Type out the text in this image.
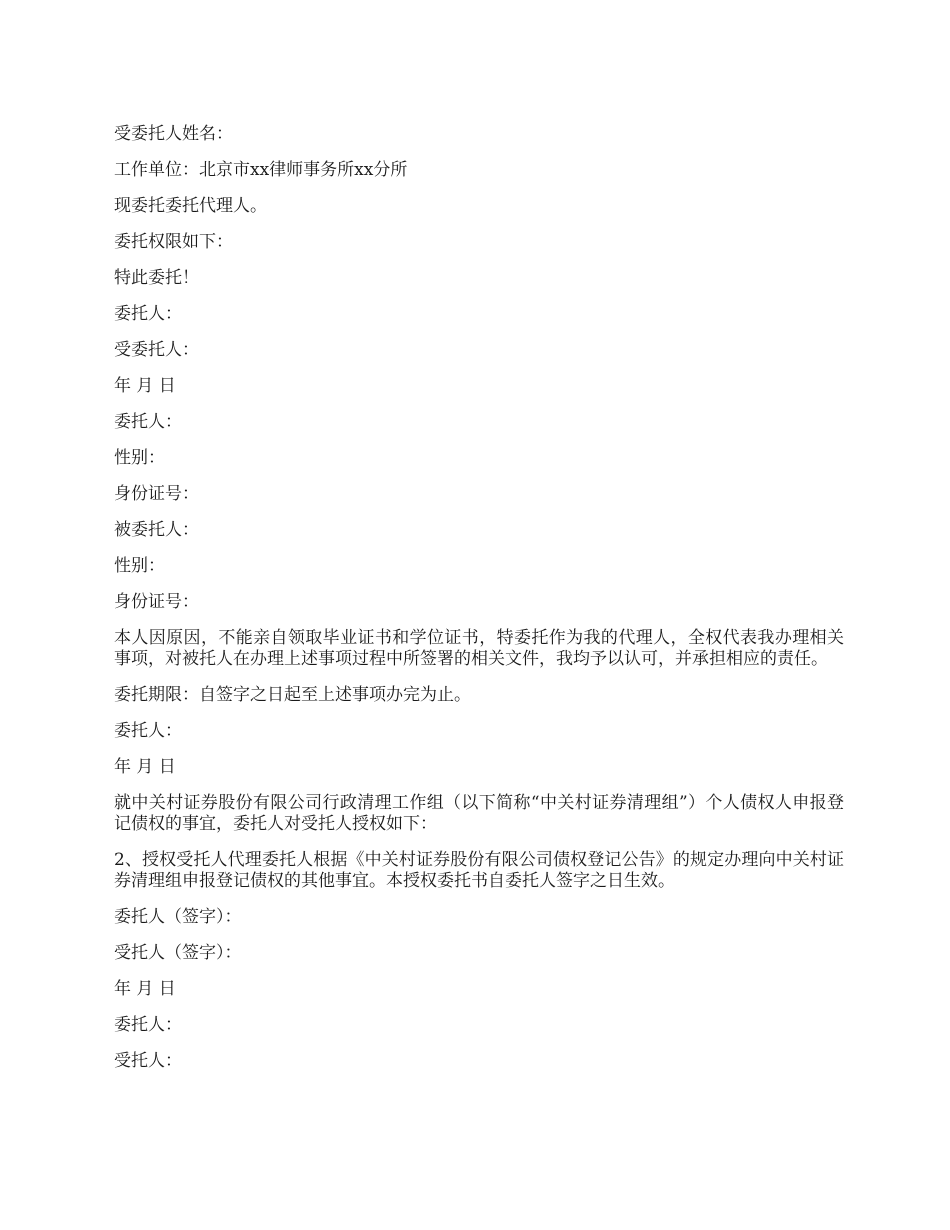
受委托人姓名：

工作单位：北京市xx律师事务所xx分所

现委托委托代理人。

委托权限如下：

特此委托！

委托人：

受委托人：

年 月 日

委托人：

性别：

身份证号：

被委托人：

性别：

身份证号：

本人因原因，不能亲自领取毕业证书和学位证书，特委托作为我的代理人，全权代表我办理相关事项，对被托人在办理上述事项过程中所签署的相关文件，我均予以认可，并承担相应的责任。

委托期限：自签字之日起至上述事项办完为止。

委托人：

年 月 日

就中关村证券股份有限公司行政清理工作组（以下简称“中关村证券清理组”）个人债权人申报登记债权的事宜，委托人对受托人授权如下：

2、授权受托人代理委托人根据《中关村证券股份有限公司债权登记公告》的规定办理向中关村证券清理组申报登记债权的其他事宜。本授权委托书自委托人签字之日生效。

委托人（签字）：

受托人（签字）：

年 月 日

委托人：

受托人：
